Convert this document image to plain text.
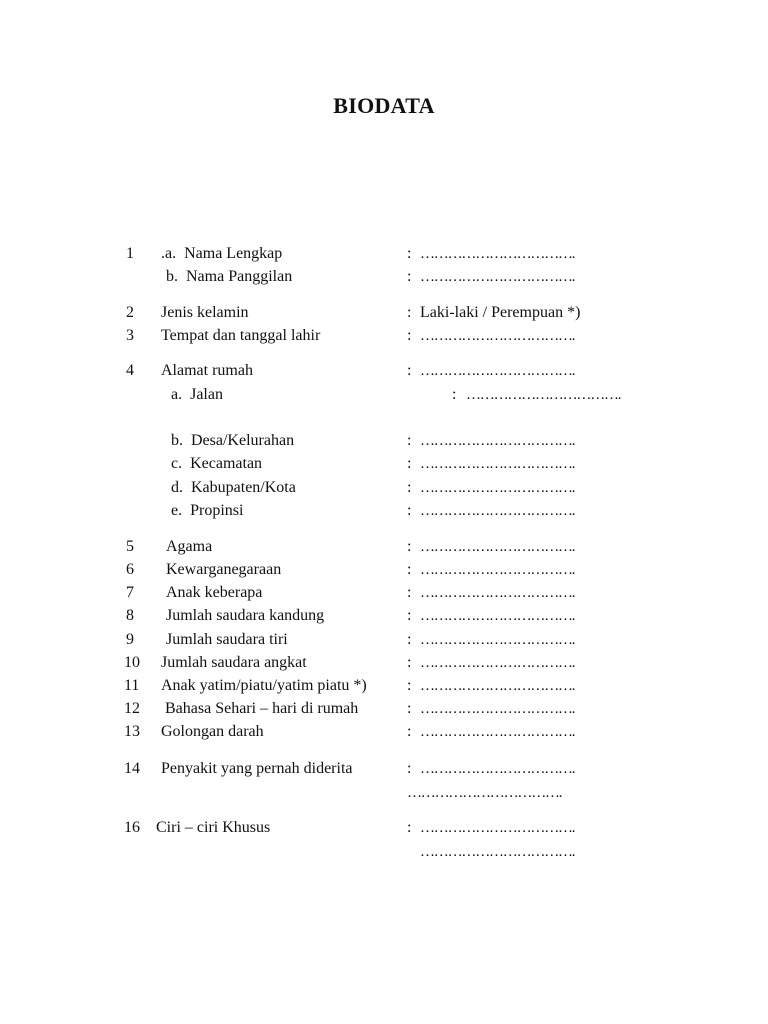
BIODATA
1 .a.  Nama Lengkap	: …………………………….
b.  Nama Panggilan	: …………………………….
2 Jenis kelamin	: Laki-laki / Perempuan *)
3 Tempat dan tanggal lahir	: …………………………….
4 Alamat rumah	: …………………………….
a.  Jalan	: …………………………….
b.  Desa/Kelurahan	: …………………………….
c.  Kecamatan	: …………………………….
d.  Kabupaten/Kota	: …………………………….
e.  Propinsi	: …………………………….
5 Agama	: …………………………….
6 Kewarganegaraan	: …………………………….
7 Anak keberapa	: …………………………….
8 Jumlah saudara kandung	: …………………………….
9 Jumlah saudara tiri	: …………………………….
10 Jumlah saudara angkat	: …………………………….
11 Anak yatim/piatu/yatim piatu *)	: …………………………….
12 Bahasa Sehari – hari di rumah	: …………………………….
13 Golongan darah	: …………………………….
14 Penyakit yang pernah diderita	: …………………………….
…………………………….
16 Ciri – ciri Khusus	: …………………………….
…………………………….
